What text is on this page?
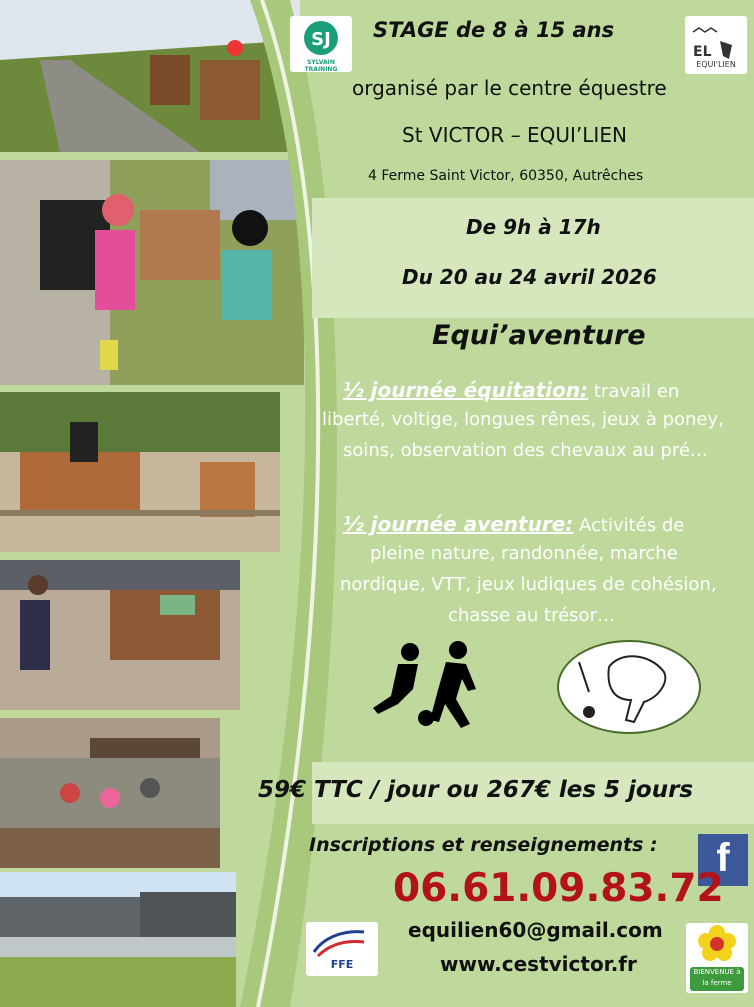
SJ
SYLVAIN TRAINING
EL
EQUI'LIEN
STAGE de 8 à 15 ans
organisé par le centre équestre
St VICTOR – EQUI’LIEN
4 Ferme Saint Victor, 60350, Autrêches
De 9h à 17h
Du 20 au 24 avril 2026
Equi’aventure
½ journée équitation: travail en
liberté, voltige, longues rênes, jeux à poney,
soins, observation des chevaux au pré…
½ journée aventure: Activités de
pleine nature, randonnée, marche
nordique, VTT, jeux ludiques de cohésion,
chasse au trésor…
59€ TTC / jour ou 267€ les 5 jours
Inscriptions et renseignements :	f
06.61.09.83.72
equilien60@gmail.com
www.cestvictor.fr
FFE
BIENVENUE à la ferme
